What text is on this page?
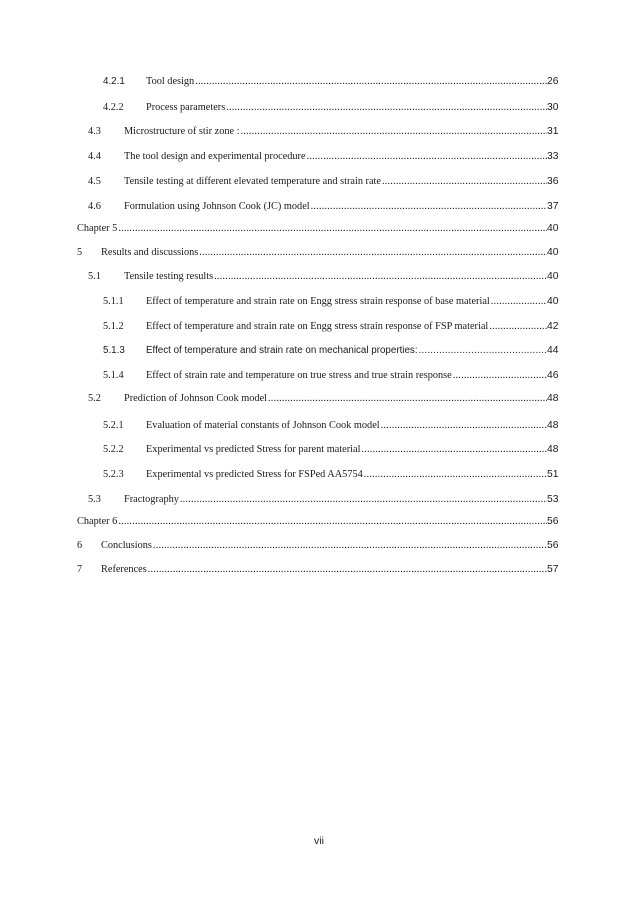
4.2.1 Tool design .....	26
4.2.2 Process parameters .....	30
4.3 Microstructure of stir zone : .....	31
4.4 The tool design and experimental procedure .....	33
4.5 Tensile testing at different elevated temperature and strain rate .....	36
4.6 Formulation using Johnson Cook (JC) model .....	37
Chapter 5 .....	40
5 Results and discussions .....	40
5.1 Tensile testing results .....	40
5.1.1 Effect of temperature and strain rate on Engg stress strain response of base material .....	40
5.1.2 Effect of temperature and strain rate on Engg stress strain response of FSP material .....	42
5.1.3 Effect of temperature and strain rate on mechanical properties: .....	44
5.1.4 Effect of strain rate and temperature on true stress and true strain response .....	46
5.2 Prediction of Johnson Cook model .....	48
5.2.1 Evaluation of material constants of Johnson Cook model .....	48
5.2.2 Experimental vs predicted Stress for parent material .....	48
5.2.3 Experimental vs predicted Stress for FSPed AA5754 .....	51
5.3 Fractography .....	53
Chapter 6 .....	56
6 Conclusions .....	56
7 References .....	57
vii
